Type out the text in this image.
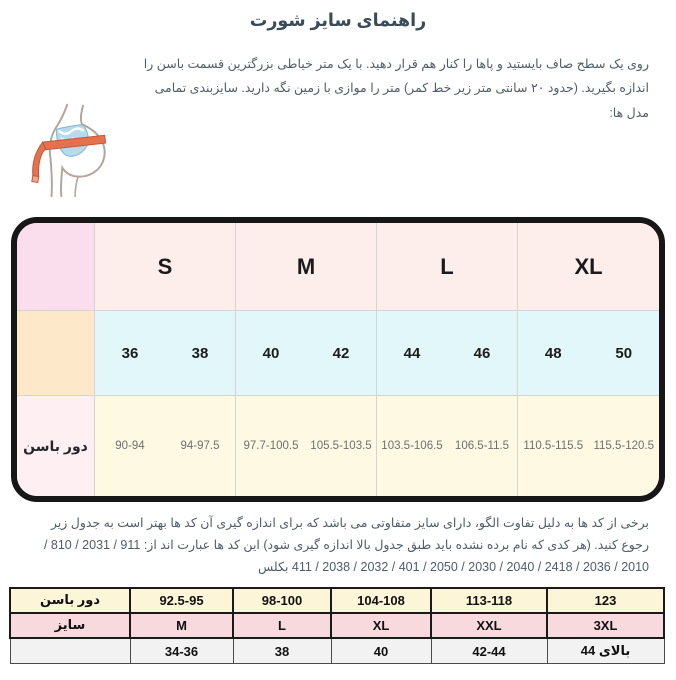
راهنمای سایز شورت

روی یک سطح صاف بایستید و پاها را کنار هم قرار دهید. با یک متر خیاطی بزرگترین قسمت باسن را اندازه بگیرید. (حدود ۲۰ سانتی متر زیر خط کمر) متر را موازی با زمین نگه دارید. سایزبندی تمامی مدل ها:

S	M	L	XL
36	38	40	42	44	46	48	50
دور باسن	90-94	94-97.5	97.7-100.5	105.5-103.5 103.5-106.5	106.5-11.5	110.5-115.5 115.5-120.5

برخی از کد ها به دلیل تفاوت الگو، دارای سایز متفاوتی می باشد که برای اندازه گیری آن کد ها بهتر است به جدول زیر رجوع کنید. (هر کدی که نام برده نشده باید طبق جدول بالا اندازه گیری شود) این کد ها عبارت اند از: 911 / 2031 / 810 / 2010 / 2036 / 2418 / 2040 / 2030 / 2050 / 401 / 2032 / 2038 / 411 بکلس

دور باسن	92.5-95	98-100	104-108	113-118	123
سایز	M	L	XL	XXL	3XL
	34-36	38	40	42-44	بالای 44
